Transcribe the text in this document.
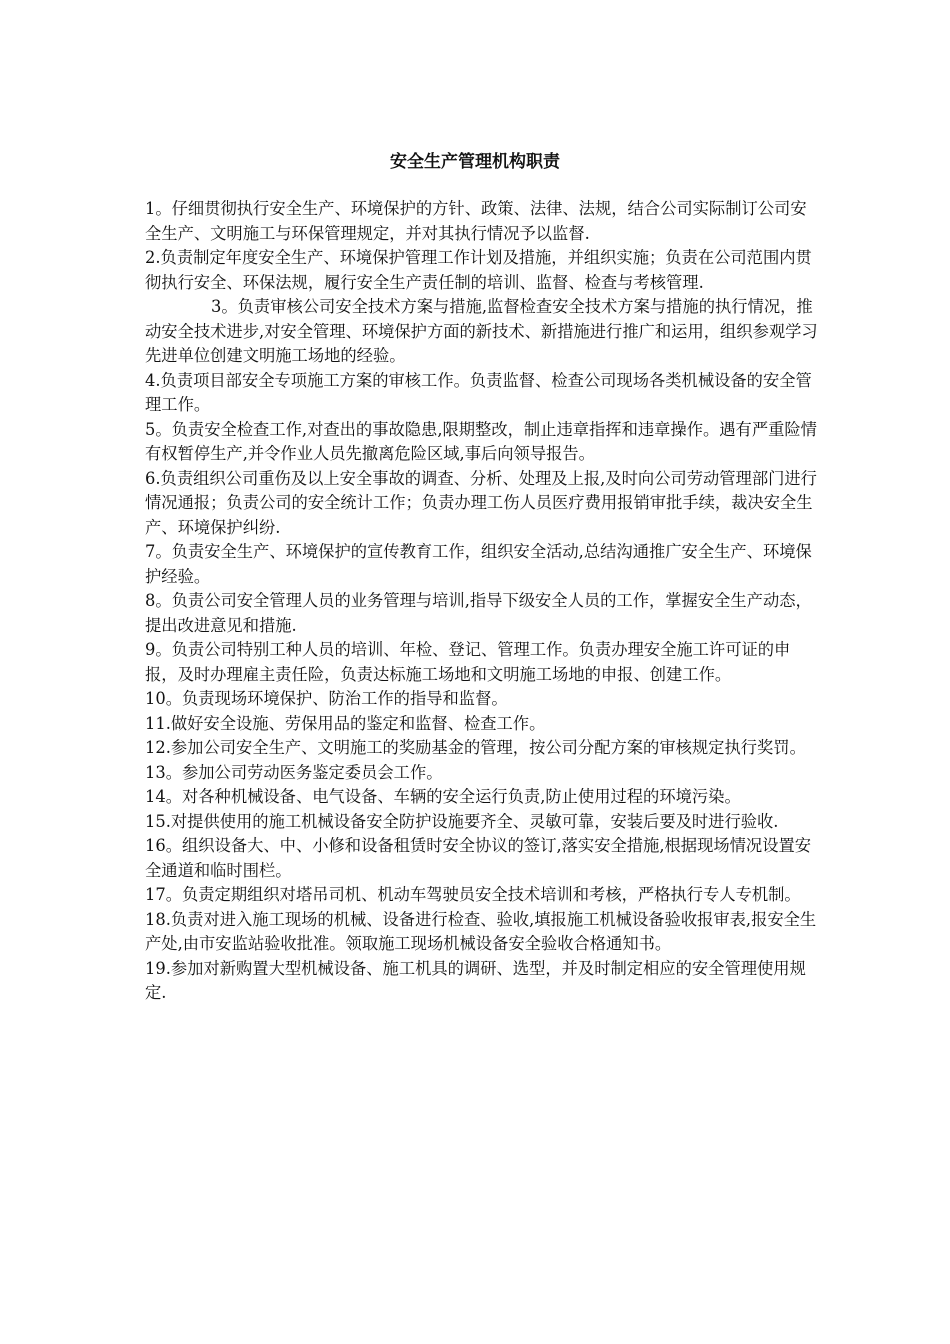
安全生产管理机构职责

1。仔细贯彻执行安全生产、环境保护的方针、政策、法律、法规，结合公司实际制订公司安全生产、文明施工与环保管理规定，并对其执行情况予以监督.

2.负责制定年度安全生产、环境保护管理工作计划及措施，并组织实施；负责在公司范围内贯彻执行安全、环保法规，履行安全生产责任制的培训、监督、检查与考核管理.

3。负责审核公司安全技术方案与措施,监督检查安全技术方案与措施的执行情况，推动安全技术进步,对安全管理、环境保护方面的新技术、新措施进行推广和运用，组织参观学习先进单位创建文明施工场地的经验。

4.负责项目部安全专项施工方案的审核工作。负责监督、检查公司现场各类机械设备的安全管理工作。

5。负责安全检查工作,对查出的事故隐患,限期整改，制止违章指挥和违章操作。遇有严重险情有权暂停生产,并令作业人员先撤离危险区域,事后向领导报告。

6.负责组织公司重伤及以上安全事故的调查、分析、处理及上报,及时向公司劳动管理部门进行情况通报；负责公司的安全统计工作；负责办理工伤人员医疗费用报销审批手续，裁决安全生产、环境保护纠纷.

7。负责安全生产、环境保护的宣传教育工作，组织安全活动,总结沟通推广安全生产、环境保护经验。

8。负责公司安全管理人员的业务管理与培训,指导下级安全人员的工作，掌握安全生产动态，提出改进意见和措施.

9。负责公司特别工种人员的培训、年检、登记、管理工作。负责办理安全施工许可证的申报，及时办理雇主责任险，负责达标施工场地和文明施工场地的申报、创建工作。

10。负责现场环境保护、防治工作的指导和监督。

11.做好安全设施、劳保用品的鉴定和监督、检查工作。

12.参加公司安全生产、文明施工的奖励基金的管理，按公司分配方案的审核规定执行奖罚。

13。参加公司劳动医务鉴定委员会工作。

14。对各种机械设备、电气设备、车辆的安全运行负责,防止使用过程的环境污染。

15.对提供使用的施工机械设备安全防护设施要齐全、灵敏可靠，安装后要及时进行验收.

16。组织设备大、中、小修和设备租赁时安全协议的签订,落实安全措施,根据现场情况设置安全通道和临时围栏。

17。负责定期组织对塔吊司机、机动车驾驶员安全技术培训和考核，严格执行专人专机制。

18.负责对进入施工现场的机械、设备进行检查、验收,填报施工机械设备验收报审表,报安全生产处,由市安监站验收批准。领取施工现场机械设备安全验收合格通知书。

19.参加对新购置大型机械设备、施工机具的调研、选型，并及时制定相应的安全管理使用规定.
